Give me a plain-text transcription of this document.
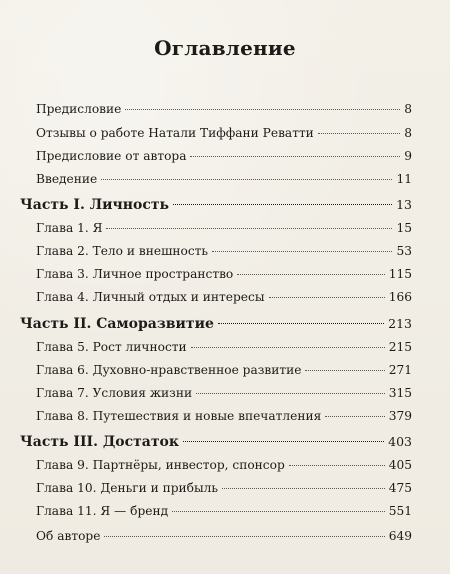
Оглавление
Предисловие	8
Отзывы о работе Натали Тиффани Реватти	8
Предисловие от автора	9
Введение	11
Часть I. Личность	13
Глава 1. Я	15
Глава 2. Тело и внешность	53
Глава 3. Личное пространство	115
Глава 4. Личный отдых и интересы	166
Часть II. Саморазвитие	213
Глава 5. Рост личности	215
Глава 6. Духовно-нравственное развитие	271
Глава 7. Условия жизни	315
Глава 8. Путешествия и новые впечатления	379
Часть III. Достаток	403
Глава 9. Партнёры, инвестор, спонсор	405
Глава 10. Деньги и прибыль	475
Глава 11. Я — бренд	551
Об авторе	649
